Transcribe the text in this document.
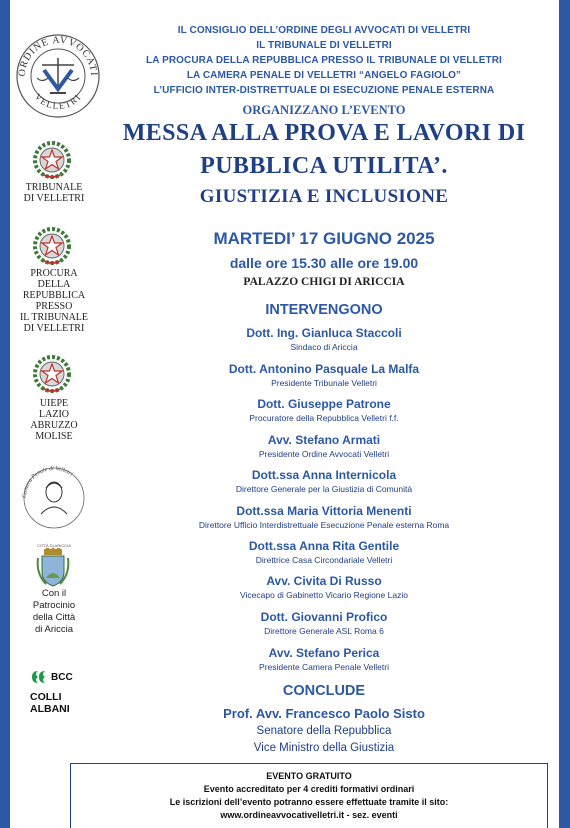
ORDINE AVVOCATI
VELLETRI
TRIBUNALE
DI VELLETRI
PROCURA
DELLA
REPUBBLICA
PRESSO
IL TRIBUNALE
DI VELLETRI
UIEPE
LAZIO
ABRUZZO
MOLISE
Camera Penale di Velletri
CITTÀ DI ARICCIA
Con il
Patrocinio
della Città
di Ariccia
BCC
COLLI
ALBANI
IL CONSIGLIO DELL’ORDINE DEGLI AVVOCATI DI VELLETRI
IL TRIBUNALE DI VELLETRI
LA PROCURA DELLA REPUBBLICA PRESSO IL TRIBUNALE DI VELLETRI
LA CAMERA PENALE DI VELLETRI “ANGELO FAGIOLO”
L’UFFICIO INTER-DISTRETTUALE DI ESECUZIONE PENALE ESTERNA
ORGANIZZANO L’EVENTO
MESSA ALLA PROVA E LAVORI DI
PUBBLICA UTILITA’.
GIUSTIZIA E INCLUSIONE
MARTEDI’ 17 GIUGNO 2025
dalle ore 15.30 alle ore 19.00
PALAZZO CHIGI DI ARICCIA
INTERVENGONO
Dott. Ing. Gianluca Staccoli
Sindaco di Ariccia
Dott. Antonino Pasquale La Malfa
Presidente Tribunale Velletri
Dott. Giuseppe Patrone
Procuratore della Repubblica Velletri f.f.
Avv. Stefano Armati
Presidente Ordine Avvocati Velletri
Dott.ssa Anna Internicola
Direttore Generale per la Giustizia di Comunità
Dott.ssa Maria Vittoria Menenti
Direttore Ufficio Interdistrettuale Esecuzione Penale esterna Roma
Dott.ssa Anna Rita Gentile
Direttrice Casa Circondariale Velletri
Avv. Civita Di Russo
Vicecapo di Gabinetto Vicario Regione Lazio
Dott. Giovanni Profico
Direttore Generale ASL Roma 6
Avv. Stefano Perica
Presidente Camera Penale Velletri
CONCLUDE
Prof. Avv. Francesco Paolo Sisto
Senatore della Repubblica
Vice Ministro della Giustizia
EVENTO GRATUITO
Evento accreditato per 4 crediti formativi ordinari
Le iscrizioni dell’evento potranno essere effettuate tramite il sito:
www.ordineavvocativelletri.it - sez. eventi
